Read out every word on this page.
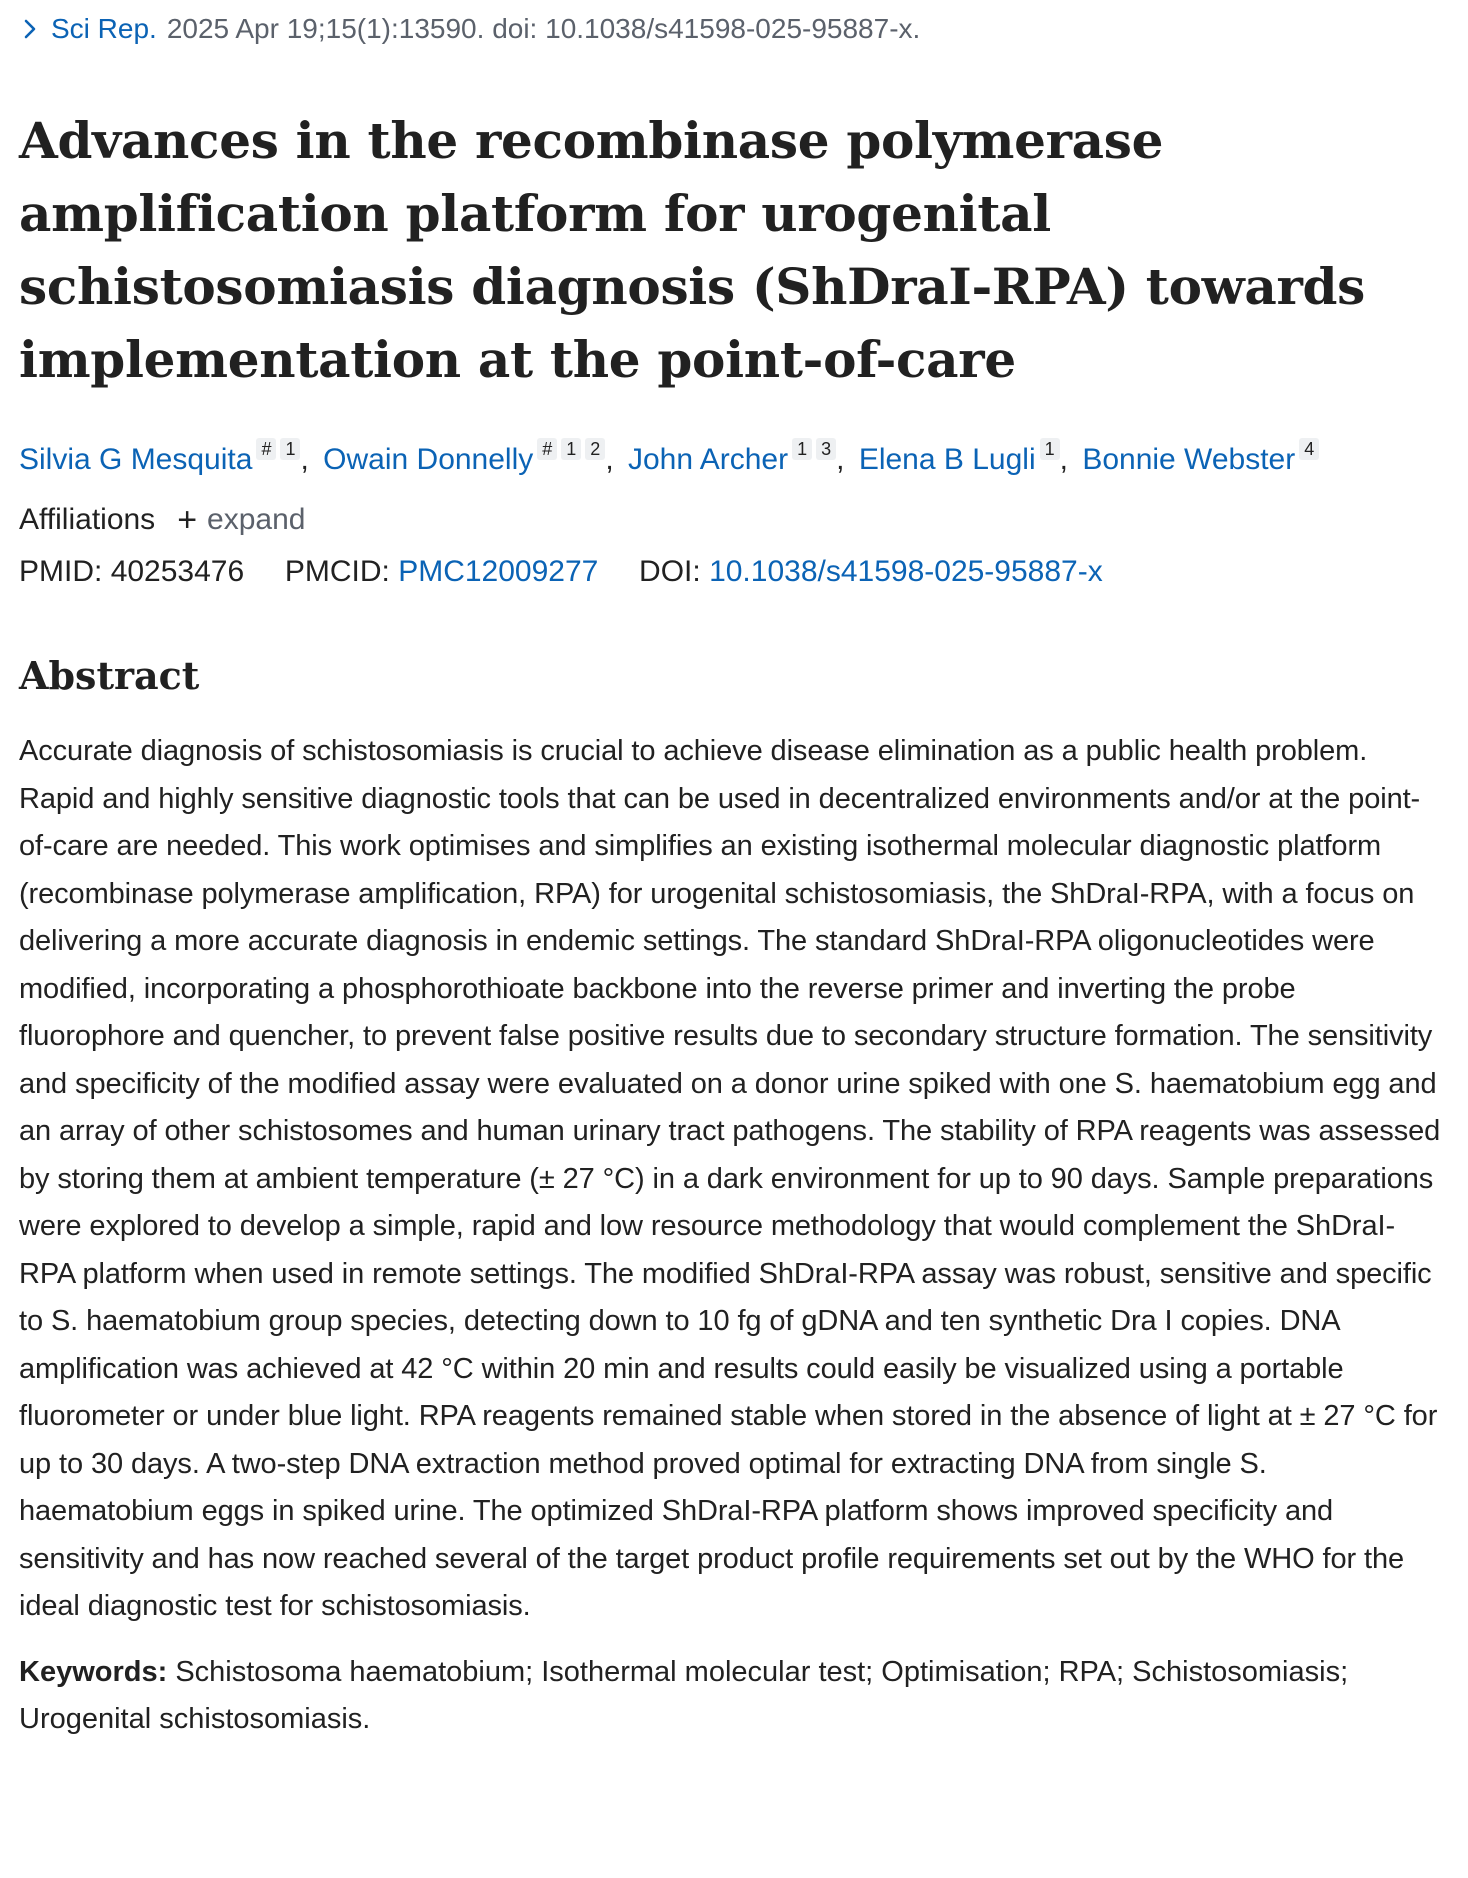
Sci Rep. 2025 Apr 19;15(1):13590. doi: 10.1038/s41598-025-95887-x.
Advances in the recombinase polymerase amplification platform for urogenital schistosomiasis diagnosis (ShDraI-RPA) towards implementation at the point-of-care
Silvia G Mesquita # 1 , Owain Donnelly # 1 2 , John Archer 1 3 , Elena B Lugli 1 , Bonnie Webster 4
Affiliations + expand
PMID: 40253476 PMCID: PMC12009277 DOI: 10.1038/s41598-025-95887-x
Abstract
Accurate diagnosis of schistosomiasis is crucial to achieve disease elimination as a public health problem. Rapid and highly sensitive diagnostic tools that can be used in decentralized environments and/or at the point-of-care are needed. This work optimises and simplifies an existing isothermal molecular diagnostic platform (recombinase polymerase amplification, RPA) for urogenital schistosomiasis, the ShDraI-RPA, with a focus on delivering a more accurate diagnosis in endemic settings. The standard ShDraI-RPA oligonucleotides were modified, incorporating a phosphorothioate backbone into the reverse primer and inverting the probe fluorophore and quencher, to prevent false positive results due to secondary structure formation. The sensitivity and specificity of the modified assay were evaluated on a donor urine spiked with one S. haematobium egg and an array of other schistosomes and human urinary tract pathogens. The stability of RPA reagents was assessed by storing them at ambient temperature (± 27 °C) in a dark environment for up to 90 days. Sample preparations were explored to develop a simple, rapid and low resource methodology that would complement the ShDraI-RPA platform when used in remote settings. The modified ShDraI-RPA assay was robust, sensitive and specific to S. haematobium group species, detecting down to 10 fg of gDNA and ten synthetic Dra I copies. DNA amplification was achieved at 42 °C within 20 min and results could easily be visualized using a portable fluorometer or under blue light. RPA reagents remained stable when stored in the absence of light at ± 27 °C for up to 30 days. A two-step DNA extraction method proved optimal for extracting DNA from single S. haematobium eggs in spiked urine. The optimized ShDraI-RPA platform shows improved specificity and sensitivity and has now reached several of the target product profile requirements set out by the WHO for the ideal diagnostic test for schistosomiasis.
Keywords: Schistosoma haematobium; Isothermal molecular test; Optimisation; RPA; Schistosomiasis; Urogenital schistosomiasis.
